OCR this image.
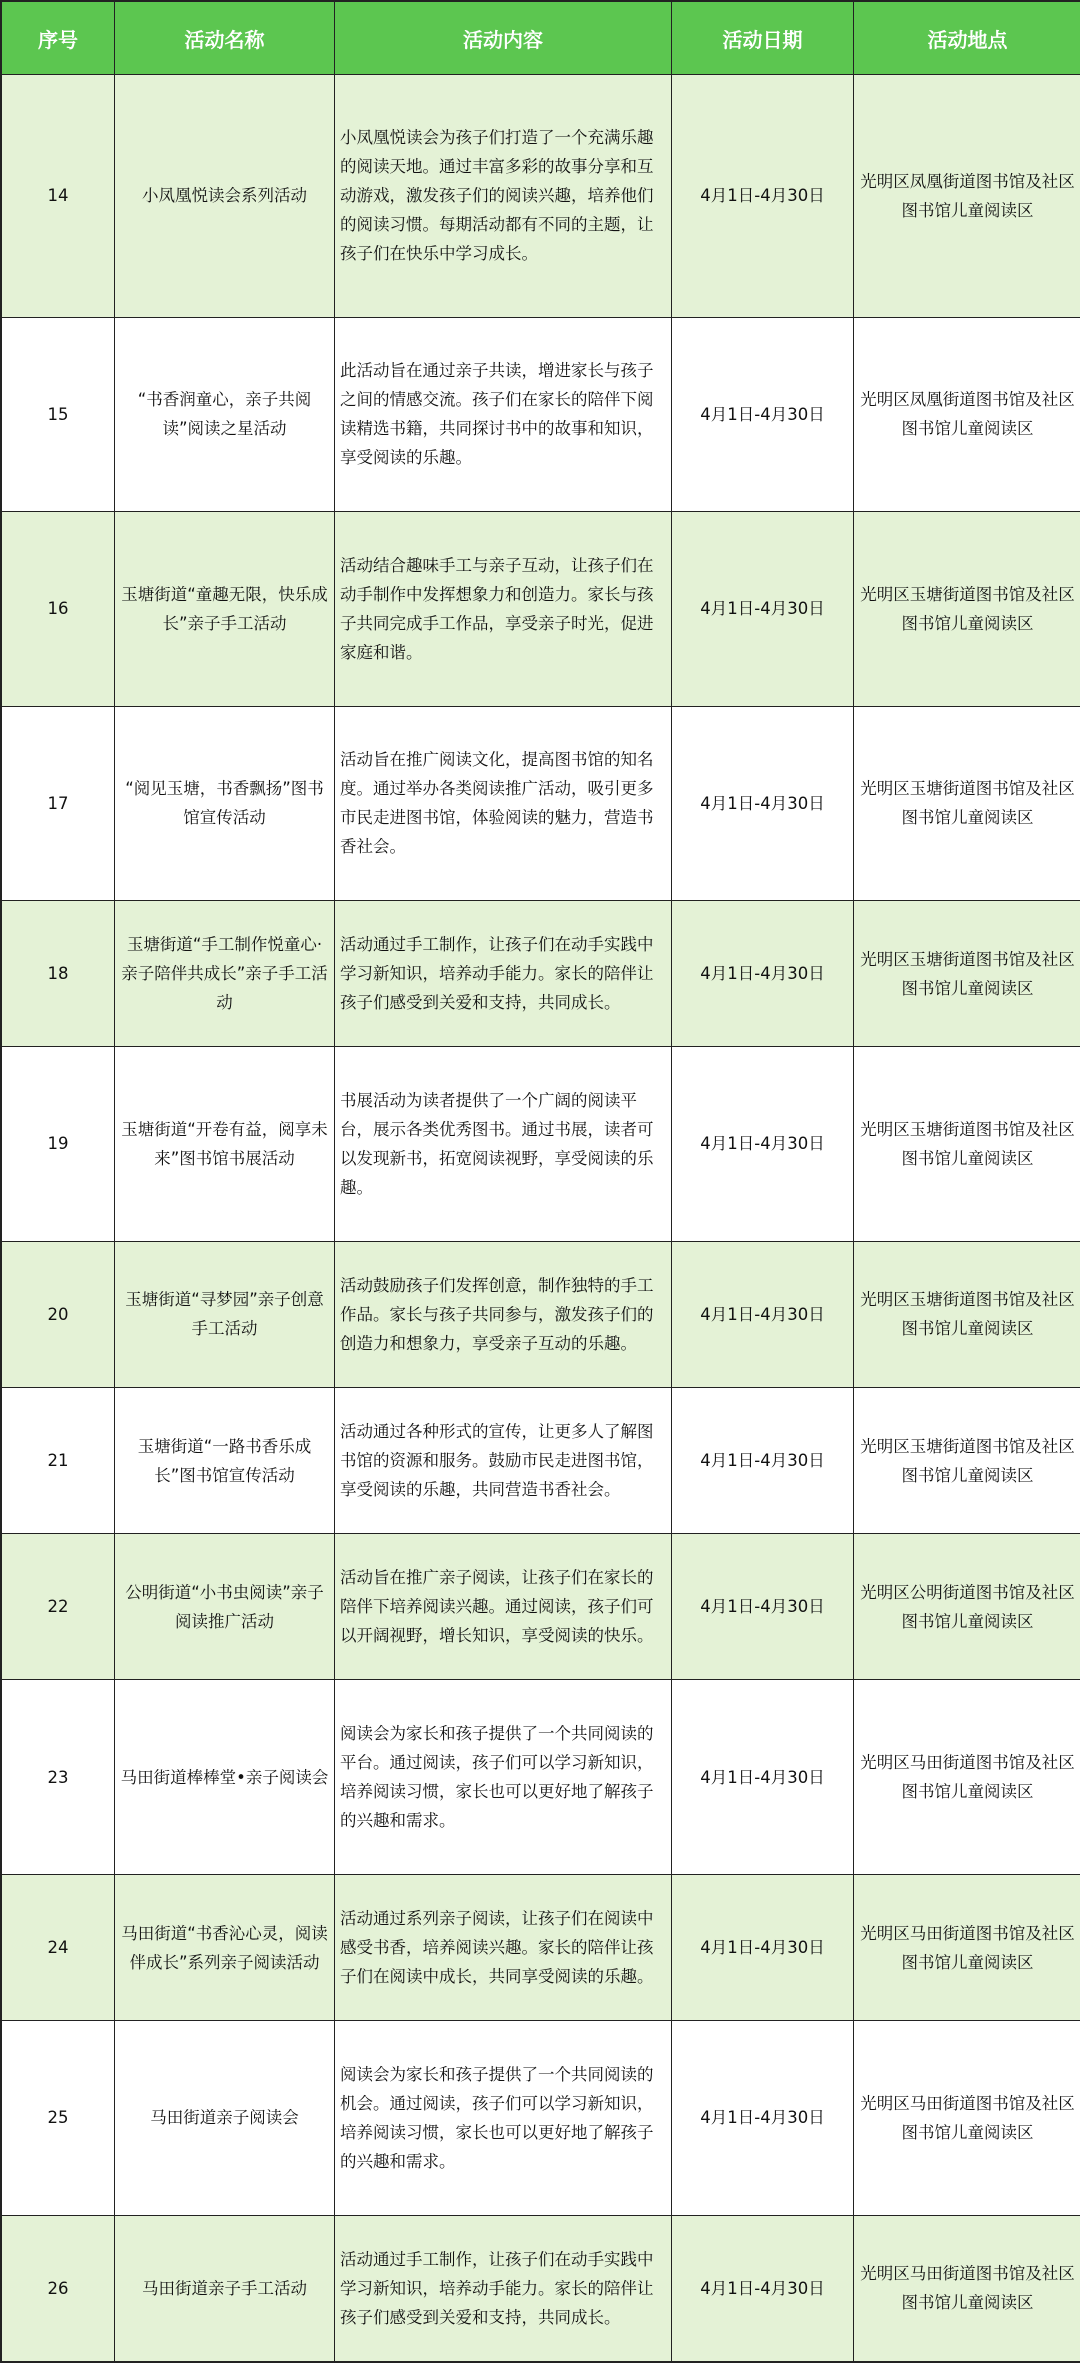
序号	活动名称	活动内容	活动日期	活动地点
14	小凤凰悦读会系列活动	小凤凰悦读会为孩子们打造了一个充满乐趣的阅读天地。通过丰富多彩的故事分享和互动游戏，激发孩子们的阅读兴趣，培养他们的阅读习惯。每期活动都有不同的主题，让孩子们在快乐中学习成长。	4月1日-4月30日	光明区凤凰街道图书馆及社区图书馆儿童阅读区
15	“书香润童心，亲子共阅读”阅读之星活动	此活动旨在通过亲子共读，增进家长与孩子之间的情感交流。孩子们在家长的陪伴下阅读精选书籍，共同探讨书中的故事和知识，享受阅读的乐趣。	4月1日-4月30日	光明区凤凰街道图书馆及社区图书馆儿童阅读区
16	玉塘街道“童趣无限，快乐成长”亲子手工活动	活动结合趣味手工与亲子互动，让孩子们在动手制作中发挥想象力和创造力。家长与孩子共同完成手工作品，享受亲子时光，促进家庭和谐。	4月1日-4月30日	光明区玉塘街道图书馆及社区图书馆儿童阅读区
17	“阅见玉塘，书香飘扬”图书馆宣传活动	活动旨在推广阅读文化，提高图书馆的知名度。通过举办各类阅读推广活动，吸引更多市民走进图书馆，体验阅读的魅力，营造书香社会。	4月1日-4月30日	光明区玉塘街道图书馆及社区图书馆儿童阅读区
18	玉塘街道“手工制作悦童心·亲子陪伴共成长”亲子手工活动	活动通过手工制作，让孩子们在动手实践中学习新知识，培养动手能力。家长的陪伴让孩子们感受到关爱和支持，共同成长。	4月1日-4月30日	光明区玉塘街道图书馆及社区图书馆儿童阅读区
19	玉塘街道“开卷有益，阅享未来”图书馆书展活动	书展活动为读者提供了一个广阔的阅读平台，展示各类优秀图书。通过书展，读者可以发现新书，拓宽阅读视野，享受阅读的乐趣。	4月1日-4月30日	光明区玉塘街道图书馆及社区图书馆儿童阅读区
20	玉塘街道“寻梦园”亲子创意手工活动	活动鼓励孩子们发挥创意，制作独特的手工作品。家长与孩子共同参与，激发孩子们的创造力和想象力，享受亲子互动的乐趣。	4月1日-4月30日	光明区玉塘街道图书馆及社区图书馆儿童阅读区
21	玉塘街道“一路书香乐成长”图书馆宣传活动	活动通过各种形式的宣传，让更多人了解图书馆的资源和服务。鼓励市民走进图书馆，享受阅读的乐趣，共同营造书香社会。	4月1日-4月30日	光明区玉塘街道图书馆及社区图书馆儿童阅读区
22	公明街道“小书虫阅读”亲子阅读推广活动	活动旨在推广亲子阅读，让孩子们在家长的陪伴下培养阅读兴趣。通过阅读，孩子们可以开阔视野，增长知识，享受阅读的快乐。	4月1日-4月30日	光明区公明街道图书馆及社区图书馆儿童阅读区
23	马田街道棒棒堂•亲子阅读会	阅读会为家长和孩子提供了一个共同阅读的平台。通过阅读，孩子们可以学习新知识，培养阅读习惯，家长也可以更好地了解孩子的兴趣和需求。	4月1日-4月30日	光明区马田街道图书馆及社区图书馆儿童阅读区
24	马田街道“书香沁心灵，阅读伴成长”系列亲子阅读活动	活动通过系列亲子阅读，让孩子们在阅读中感受书香，培养阅读兴趣。家长的陪伴让孩子们在阅读中成长，共同享受阅读的乐趣。	4月1日-4月30日	光明区马田街道图书馆及社区图书馆儿童阅读区
25	马田街道亲子阅读会	阅读会为家长和孩子提供了一个共同阅读的机会。通过阅读，孩子们可以学习新知识，培养阅读习惯，家长也可以更好地了解孩子的兴趣和需求。	4月1日-4月30日	光明区马田街道图书馆及社区图书馆儿童阅读区
26	马田街道亲子手工活动	活动通过手工制作，让孩子们在动手实践中学习新知识，培养动手能力。家长的陪伴让孩子们感受到关爱和支持，共同成长。	4月1日-4月30日	光明区马田街道图书馆及社区图书馆儿童阅读区
